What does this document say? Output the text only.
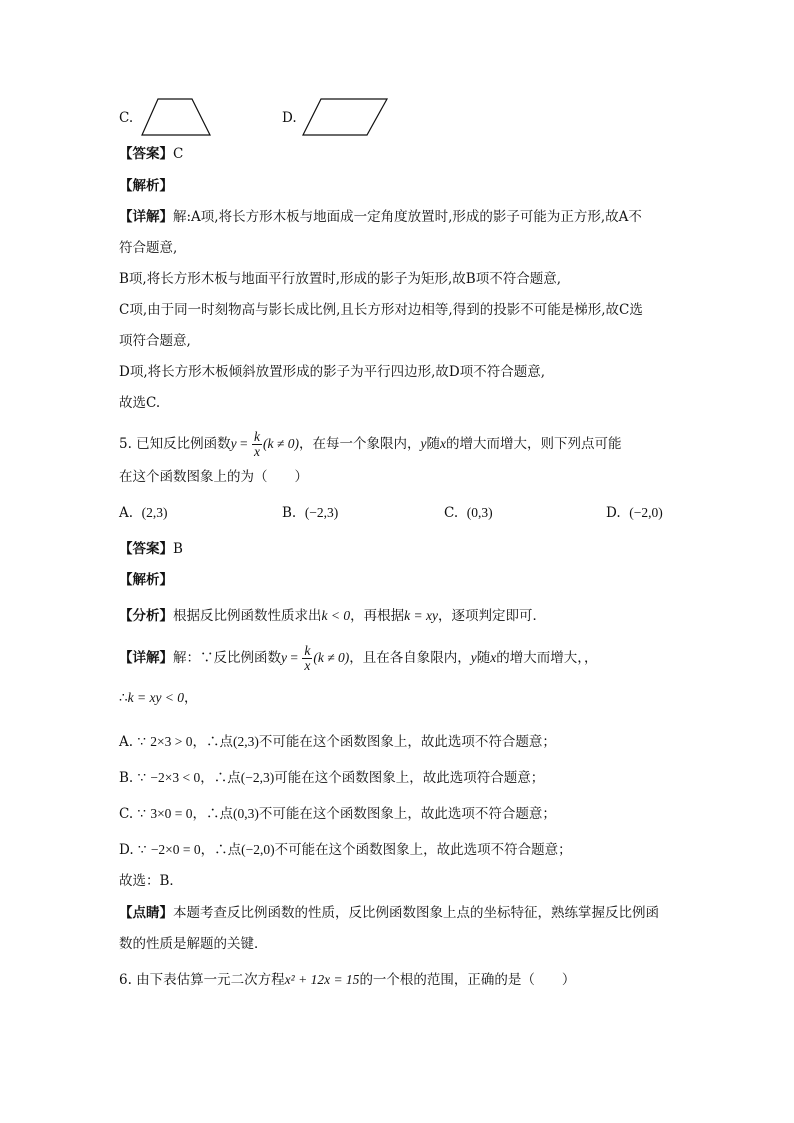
C.	D.
【答案】C
【解析】
【详解】解:A项,将长方形木板与地面成一定角度放置时,形成的影子可能为正方形,故A不
符合题意,
B项,将长方形木板与地面平行放置时,形成的影子为矩形,故B项不符合题意,
C项,由于同一时刻物高与影长成比例,且长方形对边相等,得到的投影不可能是梯形,故C选
项符合题意,
D项,将长方形木板倾斜放置形成的影子为平行四边形,故D项不符合题意,
故选C.
5. 已知反比例函数$y = \frac{k}{x} (k \ne 0)$，在每一个象限内，y随x的增大而增大，则下列点可能
在这个函数图象上的为（　　）
A. (2,3)	B. (−2,3)	C. (0,3)	D. (−2,0)
【答案】B
【解析】
【分析】根据反比例函数性质求出k < 0，再根据k = xy，逐项判定即可．
【详解】解：∵反比例函数$y = \frac{k}{x} (k \ne 0)$，且在各自象限内，y随x的增大而增大，，
∴k = xy < 0，
A. ∵ 2×3 > 0，∴点(2,3)不可能在这个函数图象上，故此选项不符合题意；
B. ∵ −2×3 < 0，∴点(−2,3)可能在这个函数图象上，故此选项符合题意；
C. ∵ 3×0 = 0，∴点(0,3)不可能在这个函数图象上，故此选项不符合题意；
D. ∵ −2×0 = 0，∴点(−2,0)不可能在这个函数图象上，故此选项不符合题意；
故选：B．
【点睛】本题考查反比例函数的性质，反比例函数图象上点的坐标特征，熟练掌握反比例函
数的性质是解题的关键．
6. 由下表估算一元二次方程x² + 12x = 15的一个根的范围，正确的是（　　）
